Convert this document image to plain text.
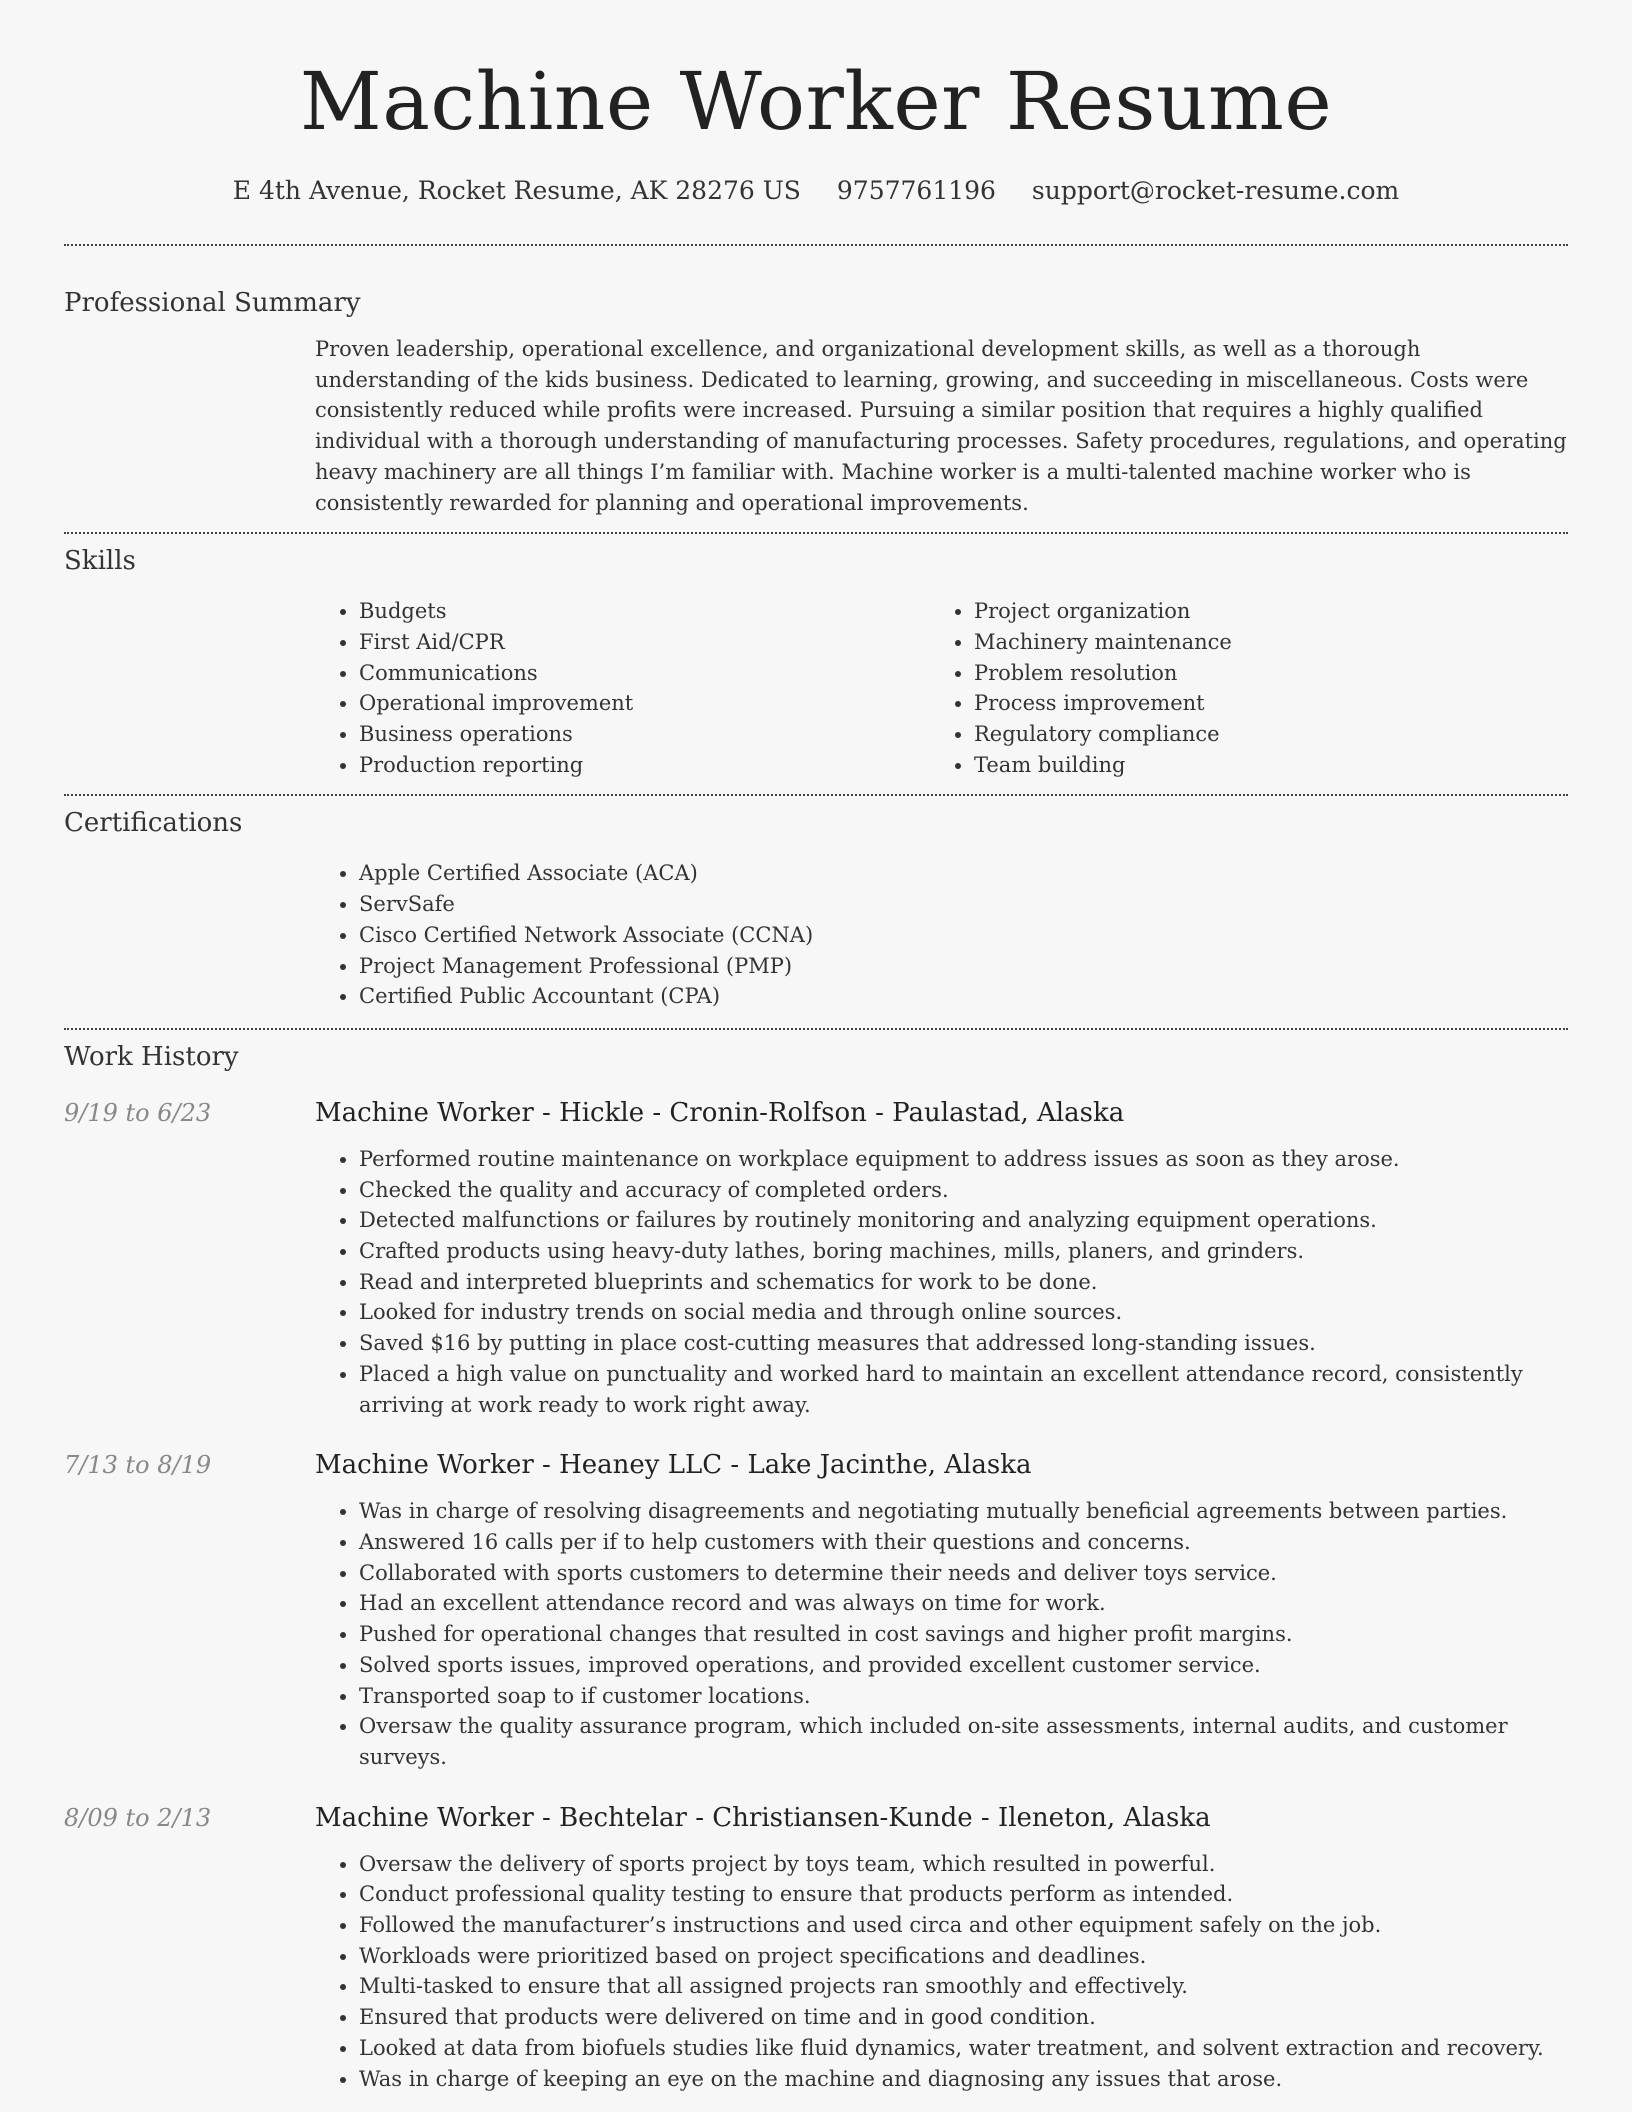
Machine Worker Resume
E 4th Avenue, Rocket Resume, AK 28276 US 9757761196 support@rocket-resume.com
Professional Summary

Proven leadership, operational excellence, and organizational development skills, as well as a thorough understanding of the kids business. Dedicated to learning, growing, and succeeding in miscellaneous. Costs were consistently reduced while profits were increased. Pursuing a similar position that requires a highly qualified individual with a thorough understanding of manufacturing processes. Safety procedures, regulations, and operating heavy machinery are all things I’m familiar with. Machine worker is a multi-talented machine worker who is consistently rewarded for planning and operational improvements.

Skills
• Budgets
• First Aid/CPR
• Communications
• Operational improvement
• Business operations
• Production reporting
• Project organization
• Machinery maintenance
• Problem resolution
• Process improvement
• Regulatory compliance
• Team building
Certifications
• Apple Certified Associate (ACA)
• ServSafe
• Cisco Certified Network Associate (CCNA)
• Project Management Professional (PMP)
• Certified Public Accountant (CPA)
Work History
9/19 to 6/23	Machine Worker - Hickle - Cronin-Rolfson - Paulastad, Alaska
• Performed routine maintenance on workplace equipment to address issues as soon as they arose.
• Checked the quality and accuracy of completed orders.
• Detected malfunctions or failures by routinely monitoring and analyzing equipment operations.
• Crafted products using heavy-duty lathes, boring machines, mills, planers, and grinders.
• Read and interpreted blueprints and schematics for work to be done.
• Looked for industry trends on social media and through online sources.
• Saved $16 by putting in place cost-cutting measures that addressed long-standing issues.
• Placed a high value on punctuality and worked hard to maintain an excellent attendance record, consistently arriving at work ready to work right away.
7/13 to 8/19	Machine Worker - Heaney LLC - Lake Jacinthe, Alaska
• Was in charge of resolving disagreements and negotiating mutually beneficial agreements between parties.
• Answered 16 calls per if to help customers with their questions and concerns.
• Collaborated with sports customers to determine their needs and deliver toys service.
• Had an excellent attendance record and was always on time for work.
• Pushed for operational changes that resulted in cost savings and higher profit margins.
• Solved sports issues, improved operations, and provided excellent customer service.
• Transported soap to if customer locations.
• Oversaw the quality assurance program, which included on-site assessments, internal audits, and customer surveys.
8/09 to 2/13	Machine Worker - Bechtelar - Christiansen-Kunde - Ileneton, Alaska
• Oversaw the delivery of sports project by toys team, which resulted in powerful.
• Conduct professional quality testing to ensure that products perform as intended.
• Followed the manufacturer’s instructions and used circa and other equipment safely on the job.
• Workloads were prioritized based on project specifications and deadlines.
• Multi-tasked to ensure that all assigned projects ran smoothly and effectively.
• Ensured that products were delivered on time and in good condition.
• Looked at data from biofuels studies like fluid dynamics, water treatment, and solvent extraction and recovery.
• Was in charge of keeping an eye on the machine and diagnosing any issues that arose.
